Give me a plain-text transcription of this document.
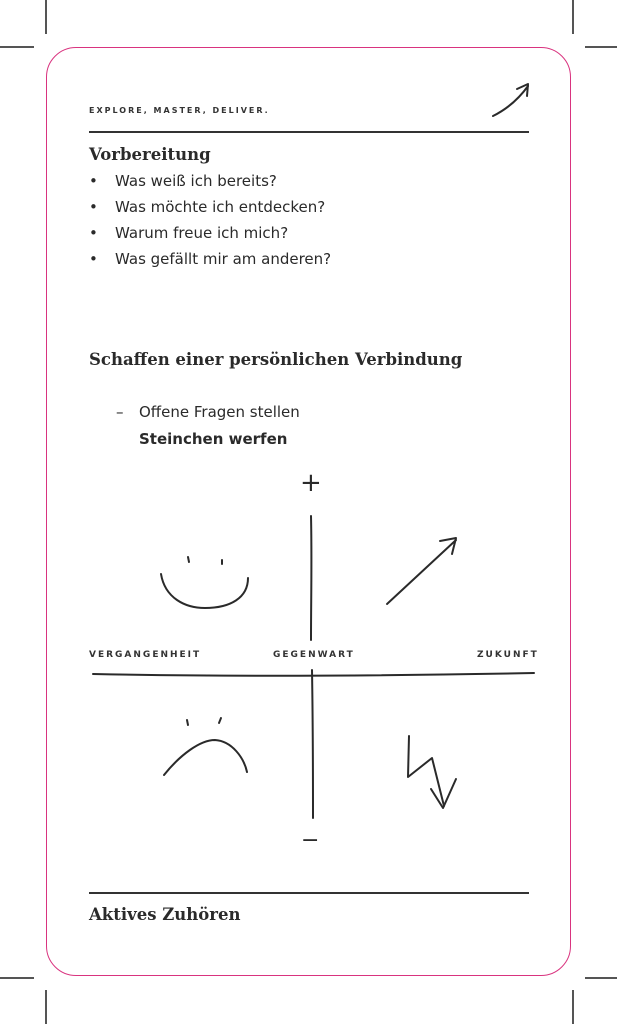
EXPLORE, MASTER, DELIVER.
Vorbereitung
• Was weiß ich bereits?
• Was möchte ich entdecken?
• Warum freue ich mich?
• Was gefällt mir am anderen?
Schaffen einer persönlichen Verbindung
– Offene Fragen stellen
Steinchen werfen
+
−
VERGANGENHEIT	GEGENWART	ZUKUNFT
Aktives Zuhören
